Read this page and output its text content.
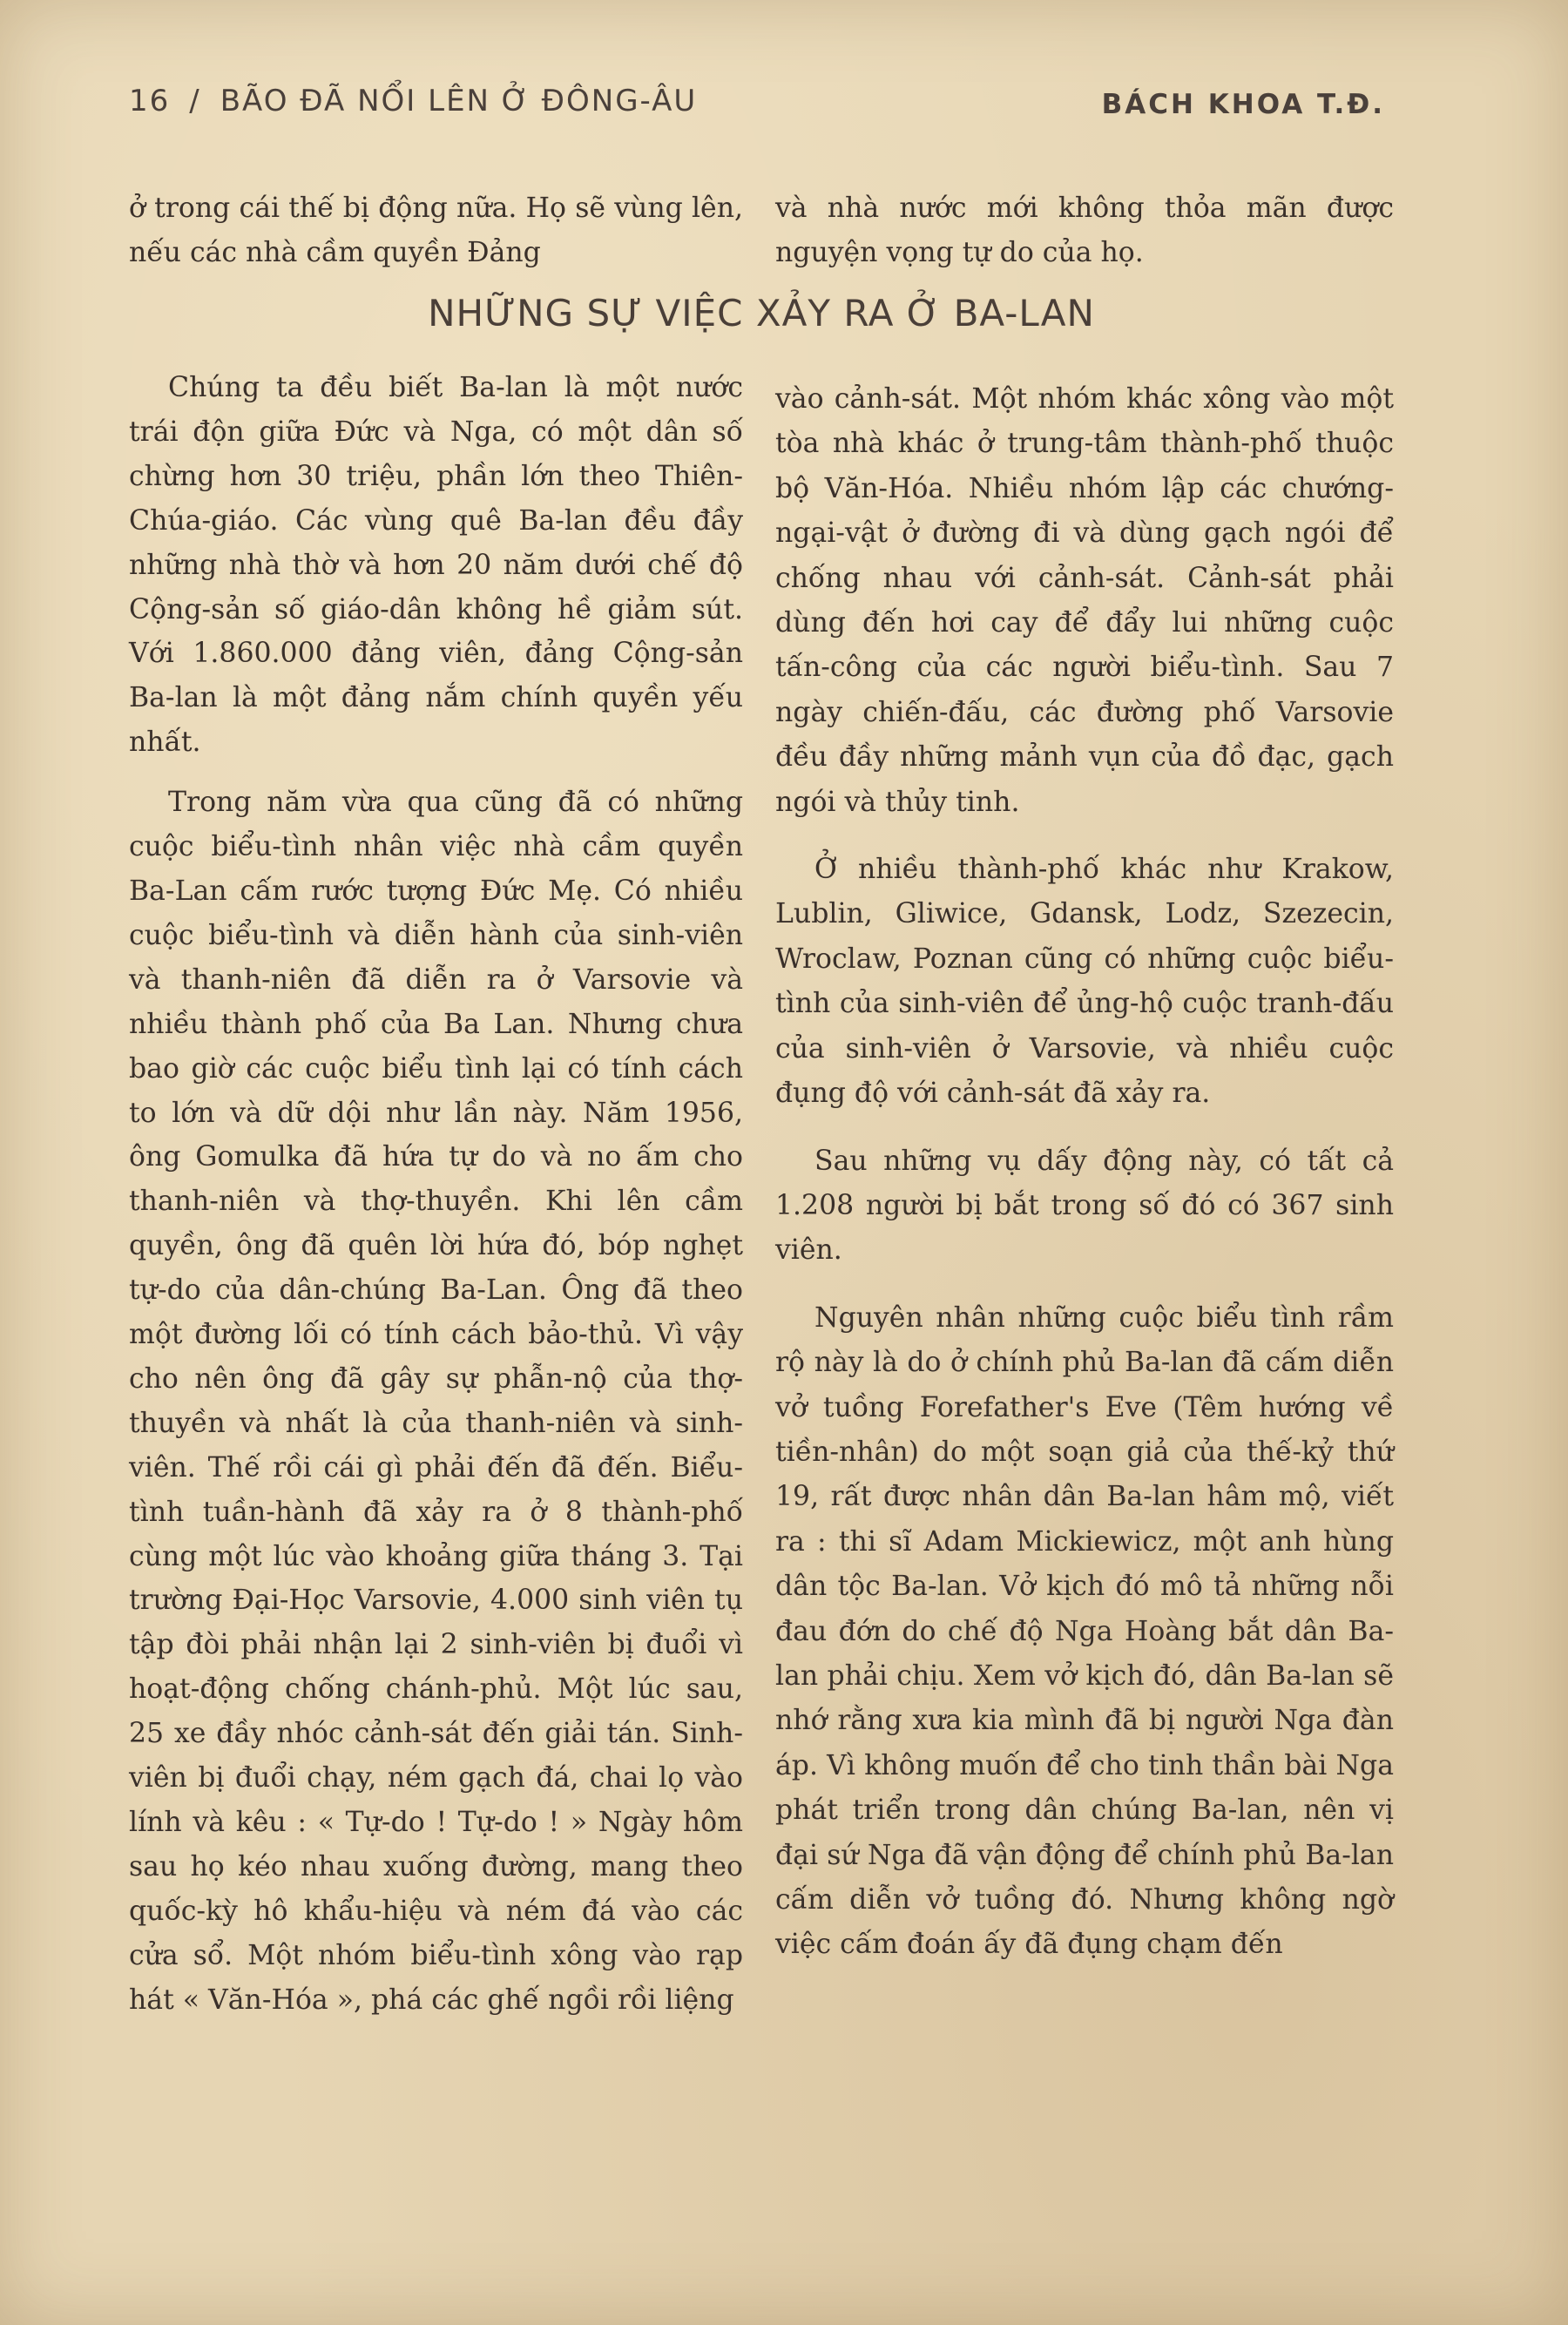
16 / BÃO ĐÃ NỔI LÊN Ở ĐÔNG-ÂU	BÁCH KHOA T.Đ.

ở trong cái thế bị động nữa. Họ sẽ vùng lên, nếu các nhà cầm quyền Đảng

và nhà nước mới không thỏa mãn được nguyện vọng tự do của họ.

NHỮNG SỰ VIỆC XẢY RA Ở BA-LAN

Chúng ta đều biết Ba-lan là một nước trái độn giữa Đức và Nga, có một dân số chừng hơn 30 triệu, phần lớn theo Thiên-Chúa-giáo. Các vùng quê Ba-lan đều đầy những nhà thờ và hơn 20 năm dưới chế độ Cộng-sản số giáo-dân không hề giảm sút. Với 1.860.000 đảng viên, đảng Cộng-sản Ba-lan là một đảng nắm chính quyền yếu nhất.

Trong năm vừa qua cũng đã có những cuộc biểu-tình nhân việc nhà cầm quyền Ba-Lan cấm rước tượng Đức Mẹ. Có nhiều cuộc biểu-tình và diễn hành của sinh-viên và thanh-niên đã diễn ra ở Varsovie và nhiều thành phố của Ba Lan. Nhưng chưa bao giờ các cuộc biểu tình lại có tính cách to lớn và dữ dội như lần này. Năm 1956, ông Gomulka đã hứa tự do và no ấm cho thanh-niên và thợ-thuyền. Khi lên cầm quyền, ông đã quên lời hứa đó, bóp nghẹt tự-do của dân-chúng Ba-Lan. Ông đã theo một đường lối có tính cách bảo-thủ. Vì vậy cho nên ông đã gây sự phẫn-nộ của thợ-thuyền và nhất là của thanh-niên và sinh-viên. Thế rồi cái gì phải đến đã đến. Biểu-tình tuần-hành đã xảy ra ở 8 thành-phố cùng một lúc vào khoảng giữa tháng 3. Tại trường Đại-Học Varsovie, 4.000 sinh viên tụ tập đòi phải nhận lại 2 sinh-viên bị đuổi vì hoạt-động chống chánh-phủ. Một lúc sau, 25 xe đầy nhóc cảnh-sát đến giải tán. Sinh-viên bị đuổi chạy, ném gạch đá, chai lọ vào lính và kêu : « Tự-do ! Tự-do ! » Ngày hôm sau họ kéo nhau xuống đường, mang theo quốc-kỳ hô khẩu-hiệu và ném đá vào các cửa sổ. Một nhóm biểu-tình xông vào rạp hát « Văn-Hóa », phá các ghế ngồi rồi liệng

vào cảnh-sát. Một nhóm khác xông vào một tòa nhà khác ở trung-tâm thành-phố thuộc bộ Văn-Hóa. Nhiều nhóm lập các chướng-ngại-vật ở đường đi và dùng gạch ngói để chống nhau với cảnh-sát. Cảnh-sát phải dùng đến hơi cay để đẩy lui những cuộc tấn-công của các người biểu-tình. Sau 7 ngày chiến-đấu, các đường phố Varsovie đều đầy những mảnh vụn của đồ đạc, gạch ngói và thủy tinh.

Ở nhiều thành-phố khác như Krakow, Lublin, Gliwice, Gdansk, Lodz, Szezecin, Wroclaw, Poznan cũng có những cuộc biểu-tình của sinh-viên để ủng-hộ cuộc tranh-đấu của sinh-viên ở Varsovie, và nhiều cuộc đụng độ với cảnh-sát đã xảy ra.

Sau những vụ dấy động này, có tất cả 1.208 người bị bắt trong số đó có 367 sinh viên.

Nguyên nhân những cuộc biểu tình rầm rộ này là do ở chính phủ Ba-lan đã cấm diễn vở tuồng Forefather's Eve (Têm hướng về tiền-nhân) do một soạn giả của thế-kỷ thứ 19, rất được nhân dân Ba-lan hâm mộ, viết ra : thi sĩ Adam Mickiewicz, một anh hùng dân tộc Ba-lan. Vở kịch đó mô tả những nỗi đau đớn do chế độ Nga Hoàng bắt dân Ba-lan phải chịu. Xem vở kịch đó, dân Ba-lan sẽ nhớ rằng xưa kia mình đã bị người Nga đàn áp. Vì không muốn để cho tinh thần bài Nga phát triển trong dân chúng Ba-lan, nên vị đại sứ Nga đã vận động để chính phủ Ba-lan cấm diễn vở tuồng đó. Nhưng không ngờ việc cấm đoán ấy đã đụng chạm đến
